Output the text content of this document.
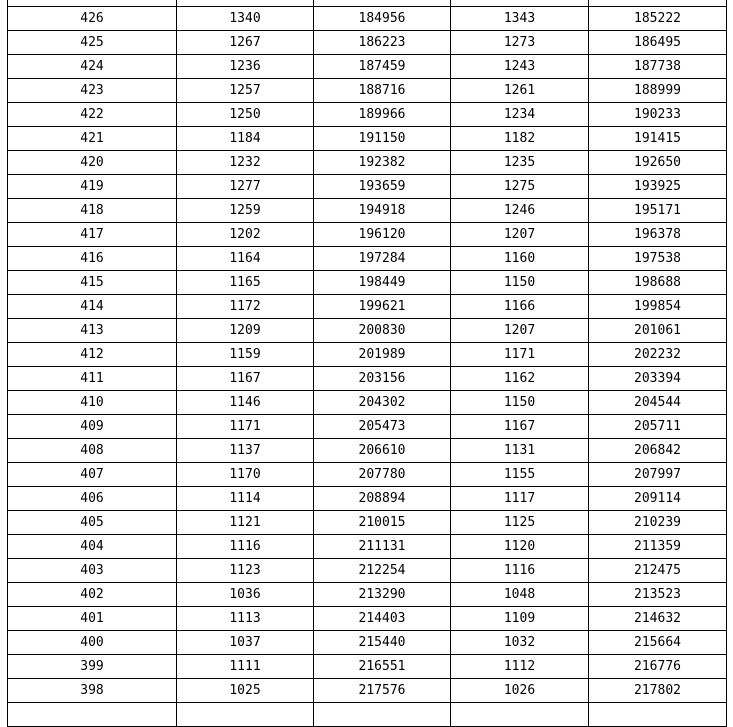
426	1340	184956	1343	185222
425	1267	186223	1273	186495
424	1236	187459	1243	187738
423	1257	188716	1261	188999
422	1250	189966	1234	190233
421	1184	191150	1182	191415
420	1232	192382	1235	192650
419	1277	193659	1275	193925
418	1259	194918	1246	195171
417	1202	196120	1207	196378
416	1164	197284	1160	197538
415	1165	198449	1150	198688
414	1172	199621	1166	199854
413	1209	200830	1207	201061
412	1159	201989	1171	202232
411	1167	203156	1162	203394
410	1146	204302	1150	204544
409	1171	205473	1167	205711
408	1137	206610	1131	206842
407	1170	207780	1155	207997
406	1114	208894	1117	209114
405	1121	210015	1125	210239
404	1116	211131	1120	211359
403	1123	212254	1116	212475
402	1036	213290	1048	213523
401	1113	214403	1109	214632
400	1037	215440	1032	215664
399	1111	216551	1112	216776
398	1025	217576	1026	217802
